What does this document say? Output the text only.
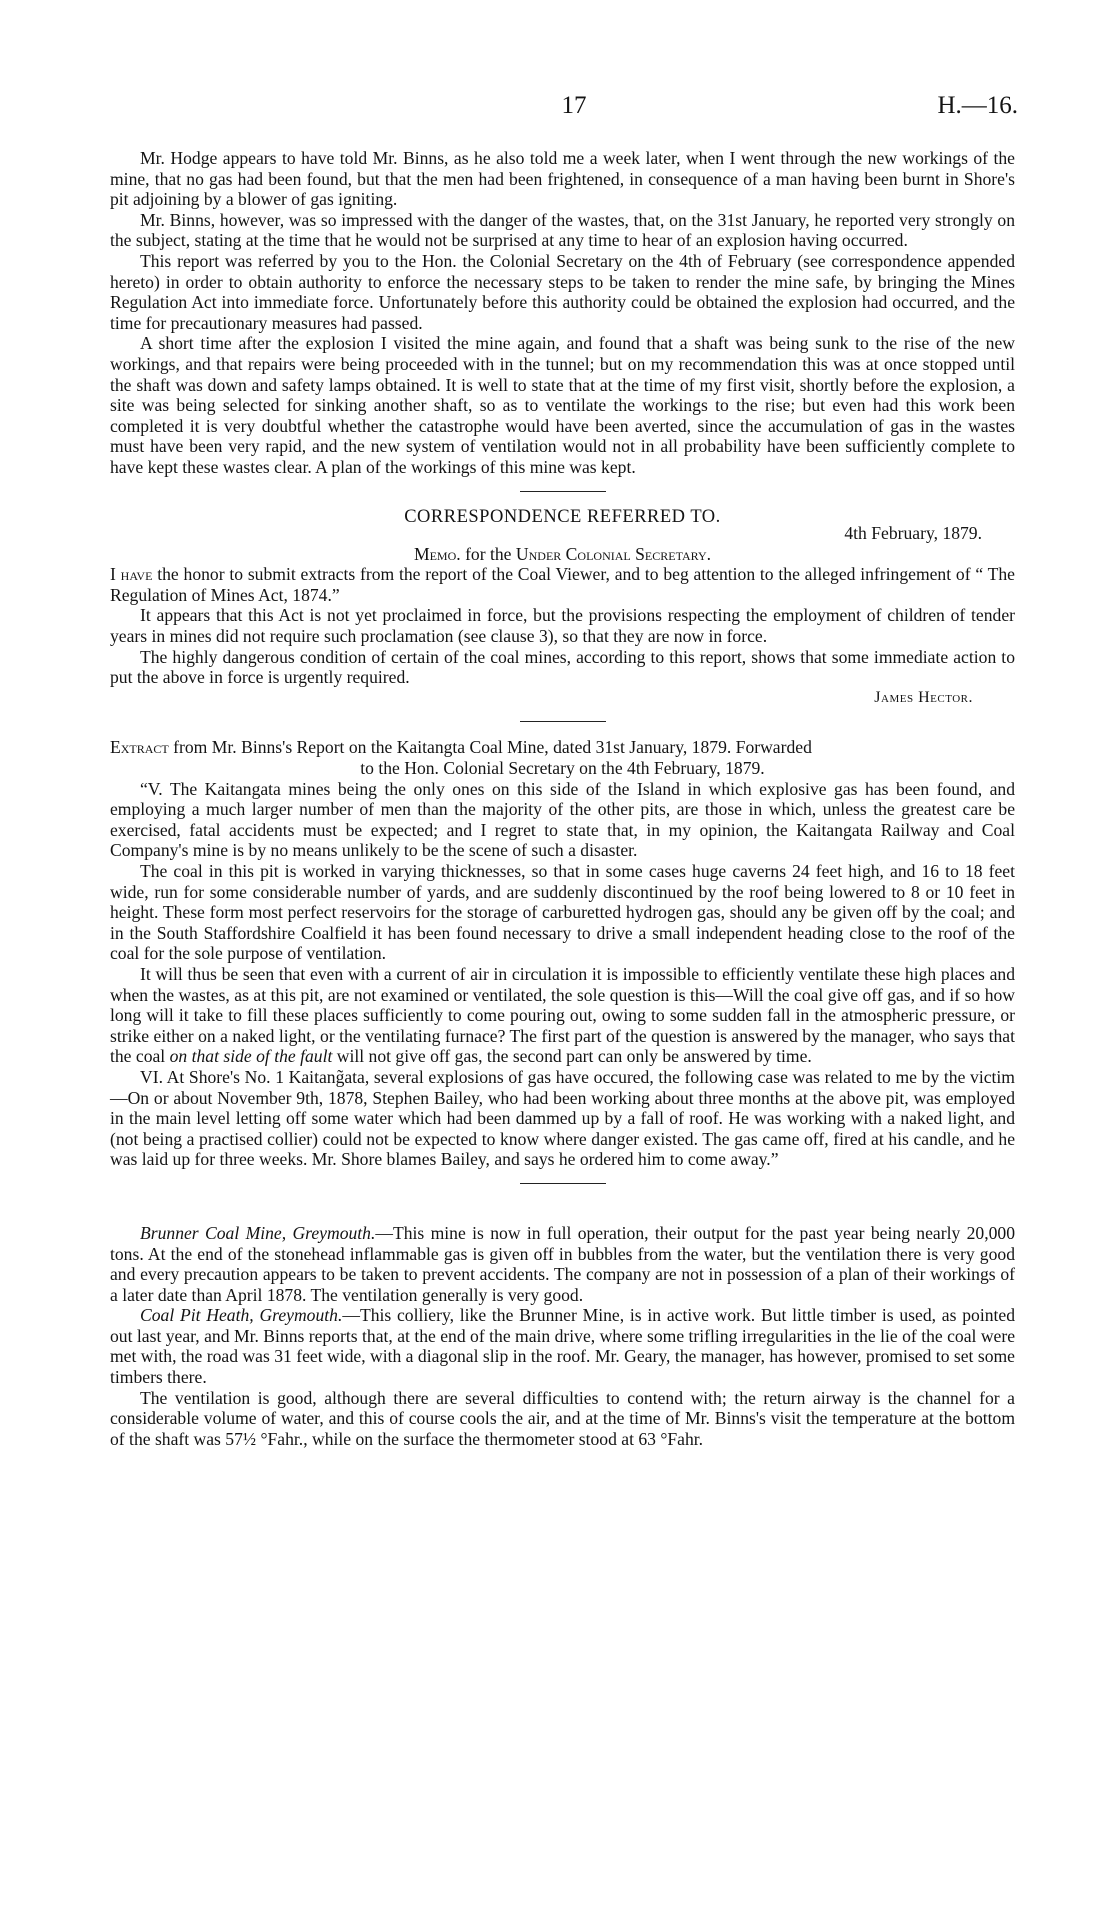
17	H.—16.

Mr. Hodge appears to have told Mr. Binns, as he also told me a week later, when I went through the new workings of the mine, that no gas had been found, but that the men had been frightened, in consequence of a man having been burnt in Shore's pit adjoining by a blower of gas igniting.

Mr. Binns, however, was so impressed with the danger of the wastes, that, on the 31st January, he reported very strongly on the subject, stating at the time that he would not be surprised at any time to hear of an explosion having occurred.

This report was referred by you to the Hon. the Colonial Secretary on the 4th of February (see correspondence appended hereto) in order to obtain authority to enforce the necessary steps to be taken to render the mine safe, by bringing the Mines Regulation Act into immediate force. Unfortunately before this authority could be obtained the explosion had occurred, and the time for precautionary measures had passed.

A short time after the explosion I visited the mine again, and found that a shaft was being sunk to the rise of the new workings, and that repairs were being proceeded with in the tunnel; but on my recommendation this was at once stopped until the shaft was down and safety lamps obtained. It is well to state that at the time of my first visit, shortly before the explosion, a site was being selected for sinking another shaft, so as to ventilate the workings to the rise; but even had this work been completed it is very doubtful whether the catastrophe would have been averted, since the accumulation of gas in the wastes must have been very rapid, and the new system of ventilation would not in all probability have been sufficiently complete to have kept these wastes clear. A plan of the workings of this mine was kept.

CORRESPONDENCE REFERRED TO.

4th February, 1879.

Memo. for the Under Colonial Secretary.

I have the honor to submit extracts from the report of the Coal Viewer, and to beg attention to the alleged infringement of “ The Regulation of Mines Act, 1874.”

It appears that this Act is not yet proclaimed in force, but the provisions respecting the employment of children of tender years in mines did not require such proclamation (see clause 3), so that they are now in force.

The highly dangerous condition of certain of the coal mines, according to this report, shows that some immediate action to put the above in force is urgently required.

James Hector.

Extract from Mr. Binns's Report on the Kaitangta Coal Mine, dated 31st January, 1879. Forwarded
to the Hon. Colonial Secretary on the 4th February, 1879.

“V. The Kaitangata mines being the only ones on this side of the Island in which explosive gas has been found, and employing a much larger number of men than the majority of the other pits, are those in which, unless the greatest care be exercised, fatal accidents must be expected; and I regret to state that, in my opinion, the Kaitangata Railway and Coal Company's mine is by no means unlikely to be the scene of such a disaster.

The coal in this pit is worked in varying thicknesses, so that in some cases huge caverns 24 feet high, and 16 to 18 feet wide, run for some considerable number of yards, and are suddenly discontinued by the roof being lowered to 8 or 10 feet in height. These form most perfect reservoirs for the storage of carburetted hydrogen gas, should any be given off by the coal; and in the South Staffordshire Coalfield it has been found necessary to drive a small independent heading close to the roof of the coal for the sole purpose of ventilation.

It will thus be seen that even with a current of air in circulation it is impossible to efficiently ventilate these high places and when the wastes, as at this pit, are not examined or ventilated, the sole question is this—Will the coal give off gas, and if so how long will it take to fill these places sufficiently to come pouring out, owing to some sudden fall in the atmospheric pressure, or strike either on a naked light, or the ventilating furnace? The first part of the question is answered by the manager, who says that the coal on that side of the fault will not give off gas, the second part can only be answered by time.

VI. At Shore's No. 1 Kaitang̃ata, several explosions of gas have occured, the following case was related to me by the victim—On or about November 9th, 1878, Stephen Bailey, who had been working about three months at the above pit, was employed in the main level letting off some water which had been dammed up by a fall of roof. He was working with a naked light, and (not being a practised collier) could not be expected to know where danger existed. The gas came off, fired at his candle, and he was laid up for three weeks. Mr. Shore blames Bailey, and says he ordered him to come away.”

Brunner Coal Mine, Greymouth.—This mine is now in full operation, their output for the past year being nearly 20,000 tons. At the end of the stonehead inflammable gas is given off in bubbles from the water, but the ventilation there is very good and every precaution appears to be taken to prevent accidents. The company are not in possession of a plan of their workings of a later date than April 1878. The ventilation generally is very good.

Coal Pit Heath, Greymouth.—This colliery, like the Brunner Mine, is in active work. But little timber is used, as pointed out last year, and Mr. Binns reports that, at the end of the main drive, where some trifling irregularities in the lie of the coal were met with, the road was 31 feet wide, with a diagonal slip in the roof. Mr. Geary, the manager, has however, promised to set some timbers there.

The ventilation is good, although there are several difficulties to contend with; the return airway is the channel for a considerable volume of water, and this of course cools the air, and at the time of Mr. Binns's visit the temperature at the bottom of the shaft was 57½ °Fahr., while on the surface the thermometer stood at 63 °Fahr.
